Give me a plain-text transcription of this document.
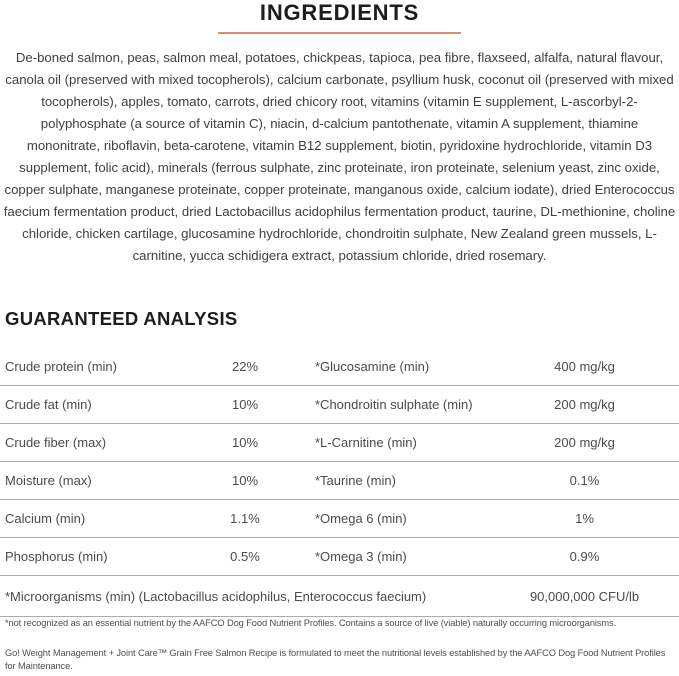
INGREDIENTS

De-boned salmon, peas, salmon meal, potatoes, chickpeas, tapioca, pea fibre, flaxseed, alfalfa, natural flavour, canola oil (preserved with mixed tocopherols), calcium carbonate, psyllium husk, coconut oil (preserved with mixed tocopherols), apples, tomato, carrots, dried chicory root, vitamins (vitamin E supplement, L-ascorbyl-2-polyphosphate (a source of vitamin C), niacin, d-calcium pantothenate, vitamin A supplement, thiamine mononitrate, riboflavin, beta-carotene, vitamin B12 supplement, biotin, pyridoxine hydrochloride, vitamin D3 supplement, folic acid), minerals (ferrous sulphate, zinc proteinate, iron proteinate, selenium yeast, zinc oxide, copper sulphate, manganese proteinate, copper proteinate, manganous oxide, calcium iodate), dried Enterococcus faecium fermentation product, dried Lactobacillus acidophilus fermentation product, taurine, DL-methionine, choline chloride, chicken cartilage, glucosamine hydrochloride, chondroitin sulphate, New Zealand green mussels, L-carnitine, yucca schidigera extract, potassium chloride, dried rosemary.

GUARANTEED ANALYSIS
Crude protein (min)	22%	*Glucosamine (min)	400 mg/kg
Crude fat (min)	10%	*Chondroitin sulphate (min)	200 mg/kg
Crude fiber (max)	10%	*L-Carnitine (min)	200 mg/kg
Moisture (max)	10%	*Taurine (min)	0.1%
Calcium (min)	1.1%	*Omega 6 (min)	1%
Phosphorus (min)	0.5%	*Omega 3 (min)	0.9%
*Microorganisms (min) (Lactobacillus acidophilus, Enterococcus faecium)	90,000,000 CFU/lb

*not recognized as an essential nutrient by the AAFCO Dog Food Nutrient Profiles. Contains a source of live (viable) naturally occurring microorganisms.

Go! Weight Management + Joint Care™ Grain Free Salmon Recipe is formulated to meet the nutritional levels established by the AAFCO Dog Food Nutrient Profiles for Maintenance.
